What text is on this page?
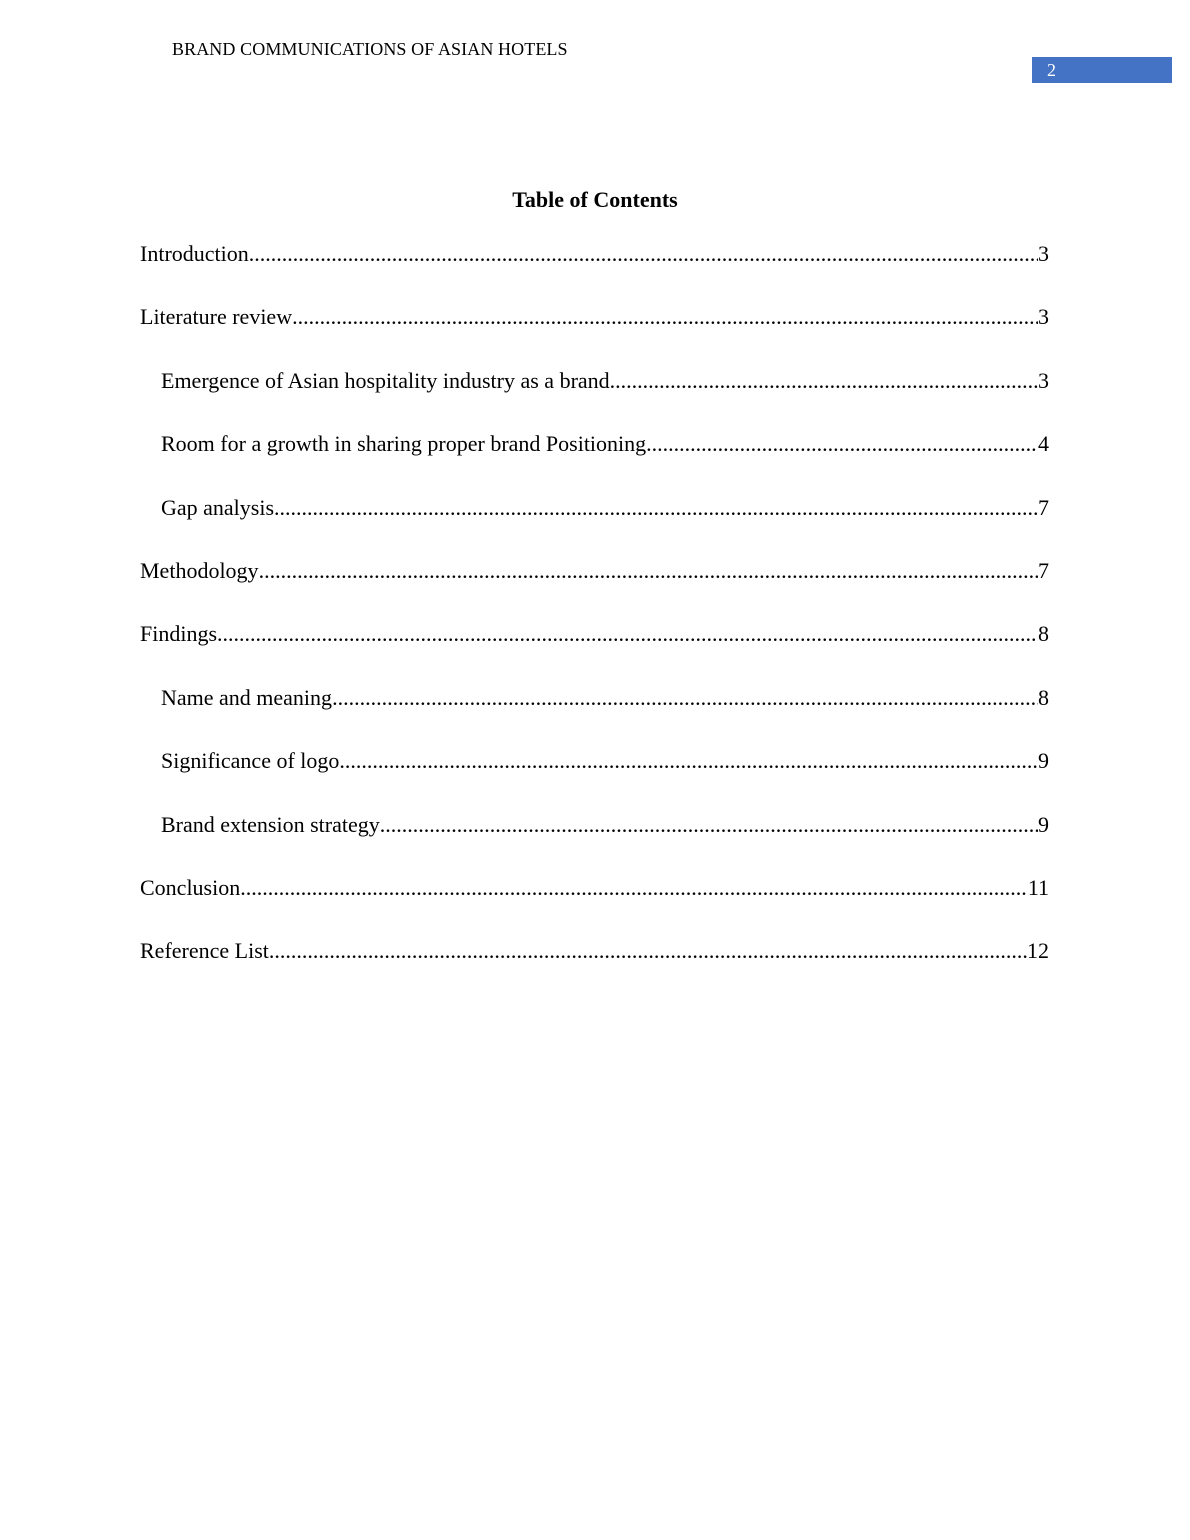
BRAND COMMUNICATIONS OF ASIAN HOTELS
2
Table of Contents
Introduction .....	3
Literature review .....	3
Emergence of Asian hospitality industry as a brand .....	3
Room for a growth in sharing proper brand Positioning .....	4
Gap analysis .....	7
Methodology .....	7
Findings .....	8
Name and meaning .....	8
Significance of logo .....	9
Brand extension strategy .....	9
Conclusion .....	11
Reference List .....	12
